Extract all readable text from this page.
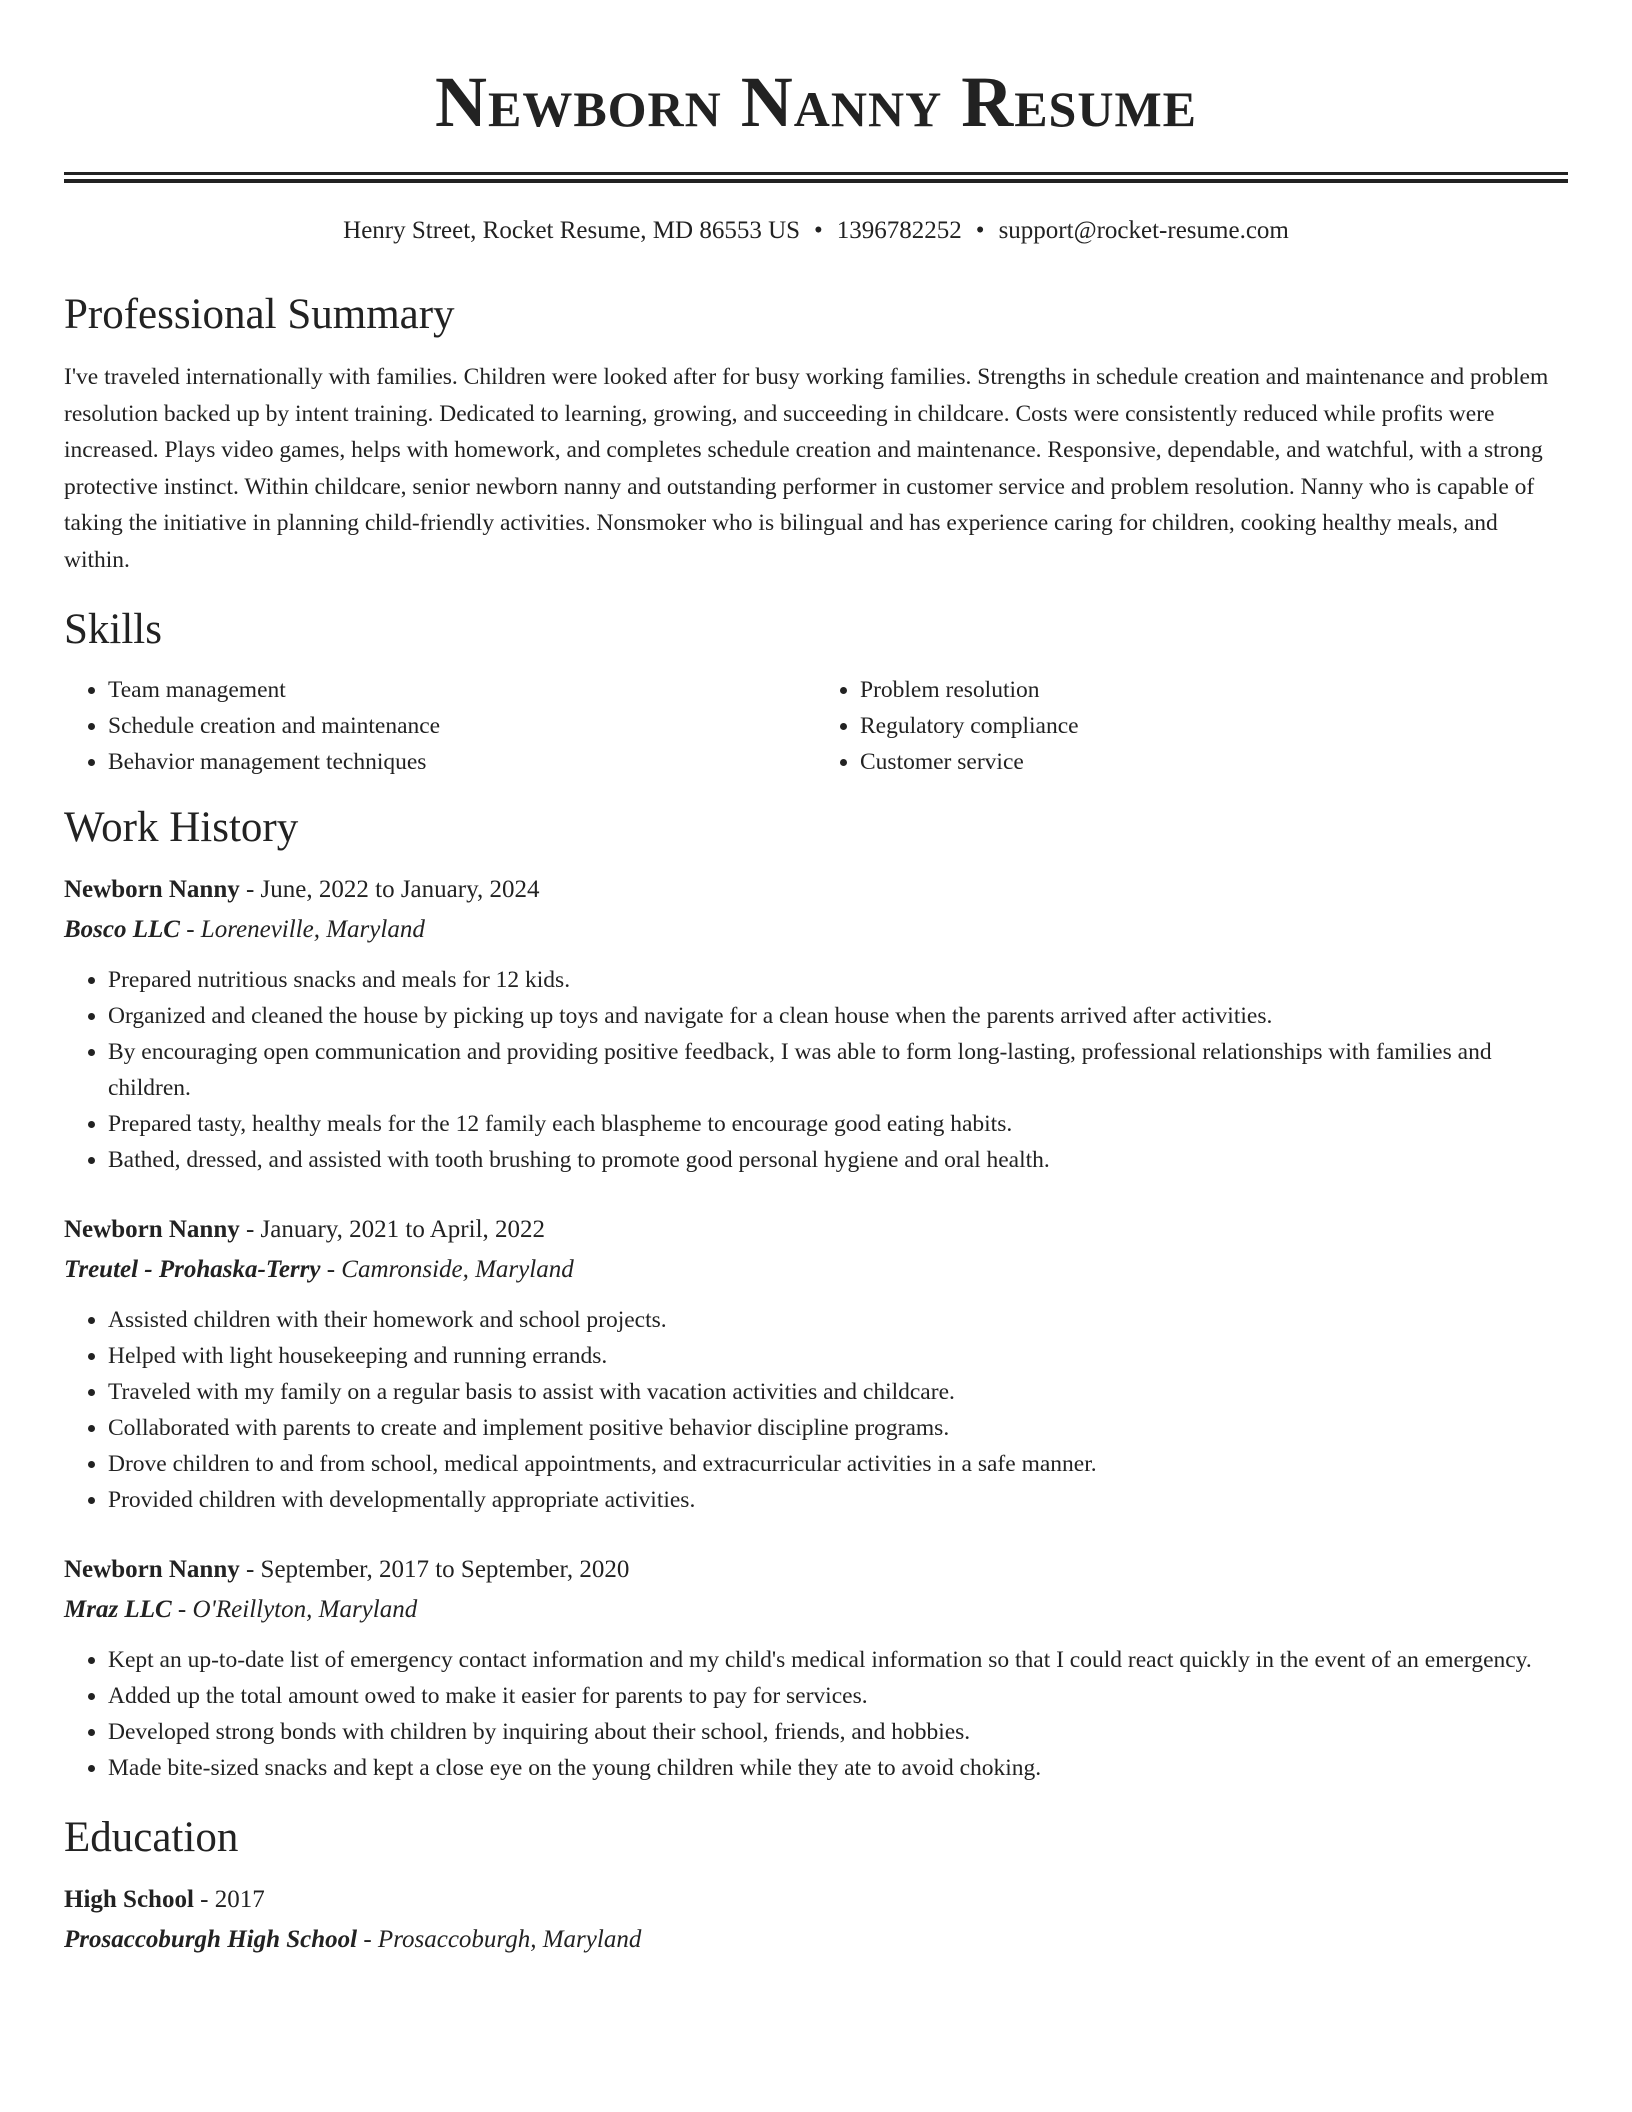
Newborn Nanny Resume
Henry Street, Rocket Resume, MD 86553 US • 1396782252 • support@rocket-resume.com
Professional Summary

I've traveled internationally with families. Children were looked after for busy working families. Strengths in schedule creation and maintenance and problem resolution backed up by intent training. Dedicated to learning, growing, and succeeding in childcare. Costs were consistently reduced while profits were increased. Plays video games, helps with homework, and completes schedule creation and maintenance. Responsive, dependable, and watchful, with a strong protective instinct. Within childcare, senior newborn nanny and outstanding performer in customer service and problem resolution. Nanny who is capable of taking the initiative in planning child-friendly activities. Nonsmoker who is bilingual and has experience caring for children, cooking healthy meals, and within.

Skills
• Team management
• Schedule creation and maintenance
• Behavior management techniques
• Problem resolution
• Regulatory compliance
• Customer service
Work History
Newborn Nanny - June, 2022 to January, 2024
Bosco LLC - Loreneville, Maryland
• Prepared nutritious snacks and meals for 12 kids.
• Organized and cleaned the house by picking up toys and navigate for a clean house when the parents arrived after activities.
• By encouraging open communication and providing positive feedback, I was able to form long-lasting, professional relationships with families and children.
• Prepared tasty, healthy meals for the 12 family each blaspheme to encourage good eating habits.
• Bathed, dressed, and assisted with tooth brushing to promote good personal hygiene and oral health.
Newborn Nanny - January, 2021 to April, 2022
Treutel - Prohaska-Terry - Camronside, Maryland
• Assisted children with their homework and school projects.
• Helped with light housekeeping and running errands.
• Traveled with my family on a regular basis to assist with vacation activities and childcare.
• Collaborated with parents to create and implement positive behavior discipline programs.
• Drove children to and from school, medical appointments, and extracurricular activities in a safe manner.
• Provided children with developmentally appropriate activities.
Newborn Nanny - September, 2017 to September, 2020
Mraz LLC - O'Reillyton, Maryland
• Kept an up-to-date list of emergency contact information and my child's medical information so that I could react quickly in the event of an emergency.
• Added up the total amount owed to make it easier for parents to pay for services.
• Developed strong bonds with children by inquiring about their school, friends, and hobbies.
• Made bite-sized snacks and kept a close eye on the young children while they ate to avoid choking.
Education
High School - 2017
Prosaccoburgh High School - Prosaccoburgh, Maryland
